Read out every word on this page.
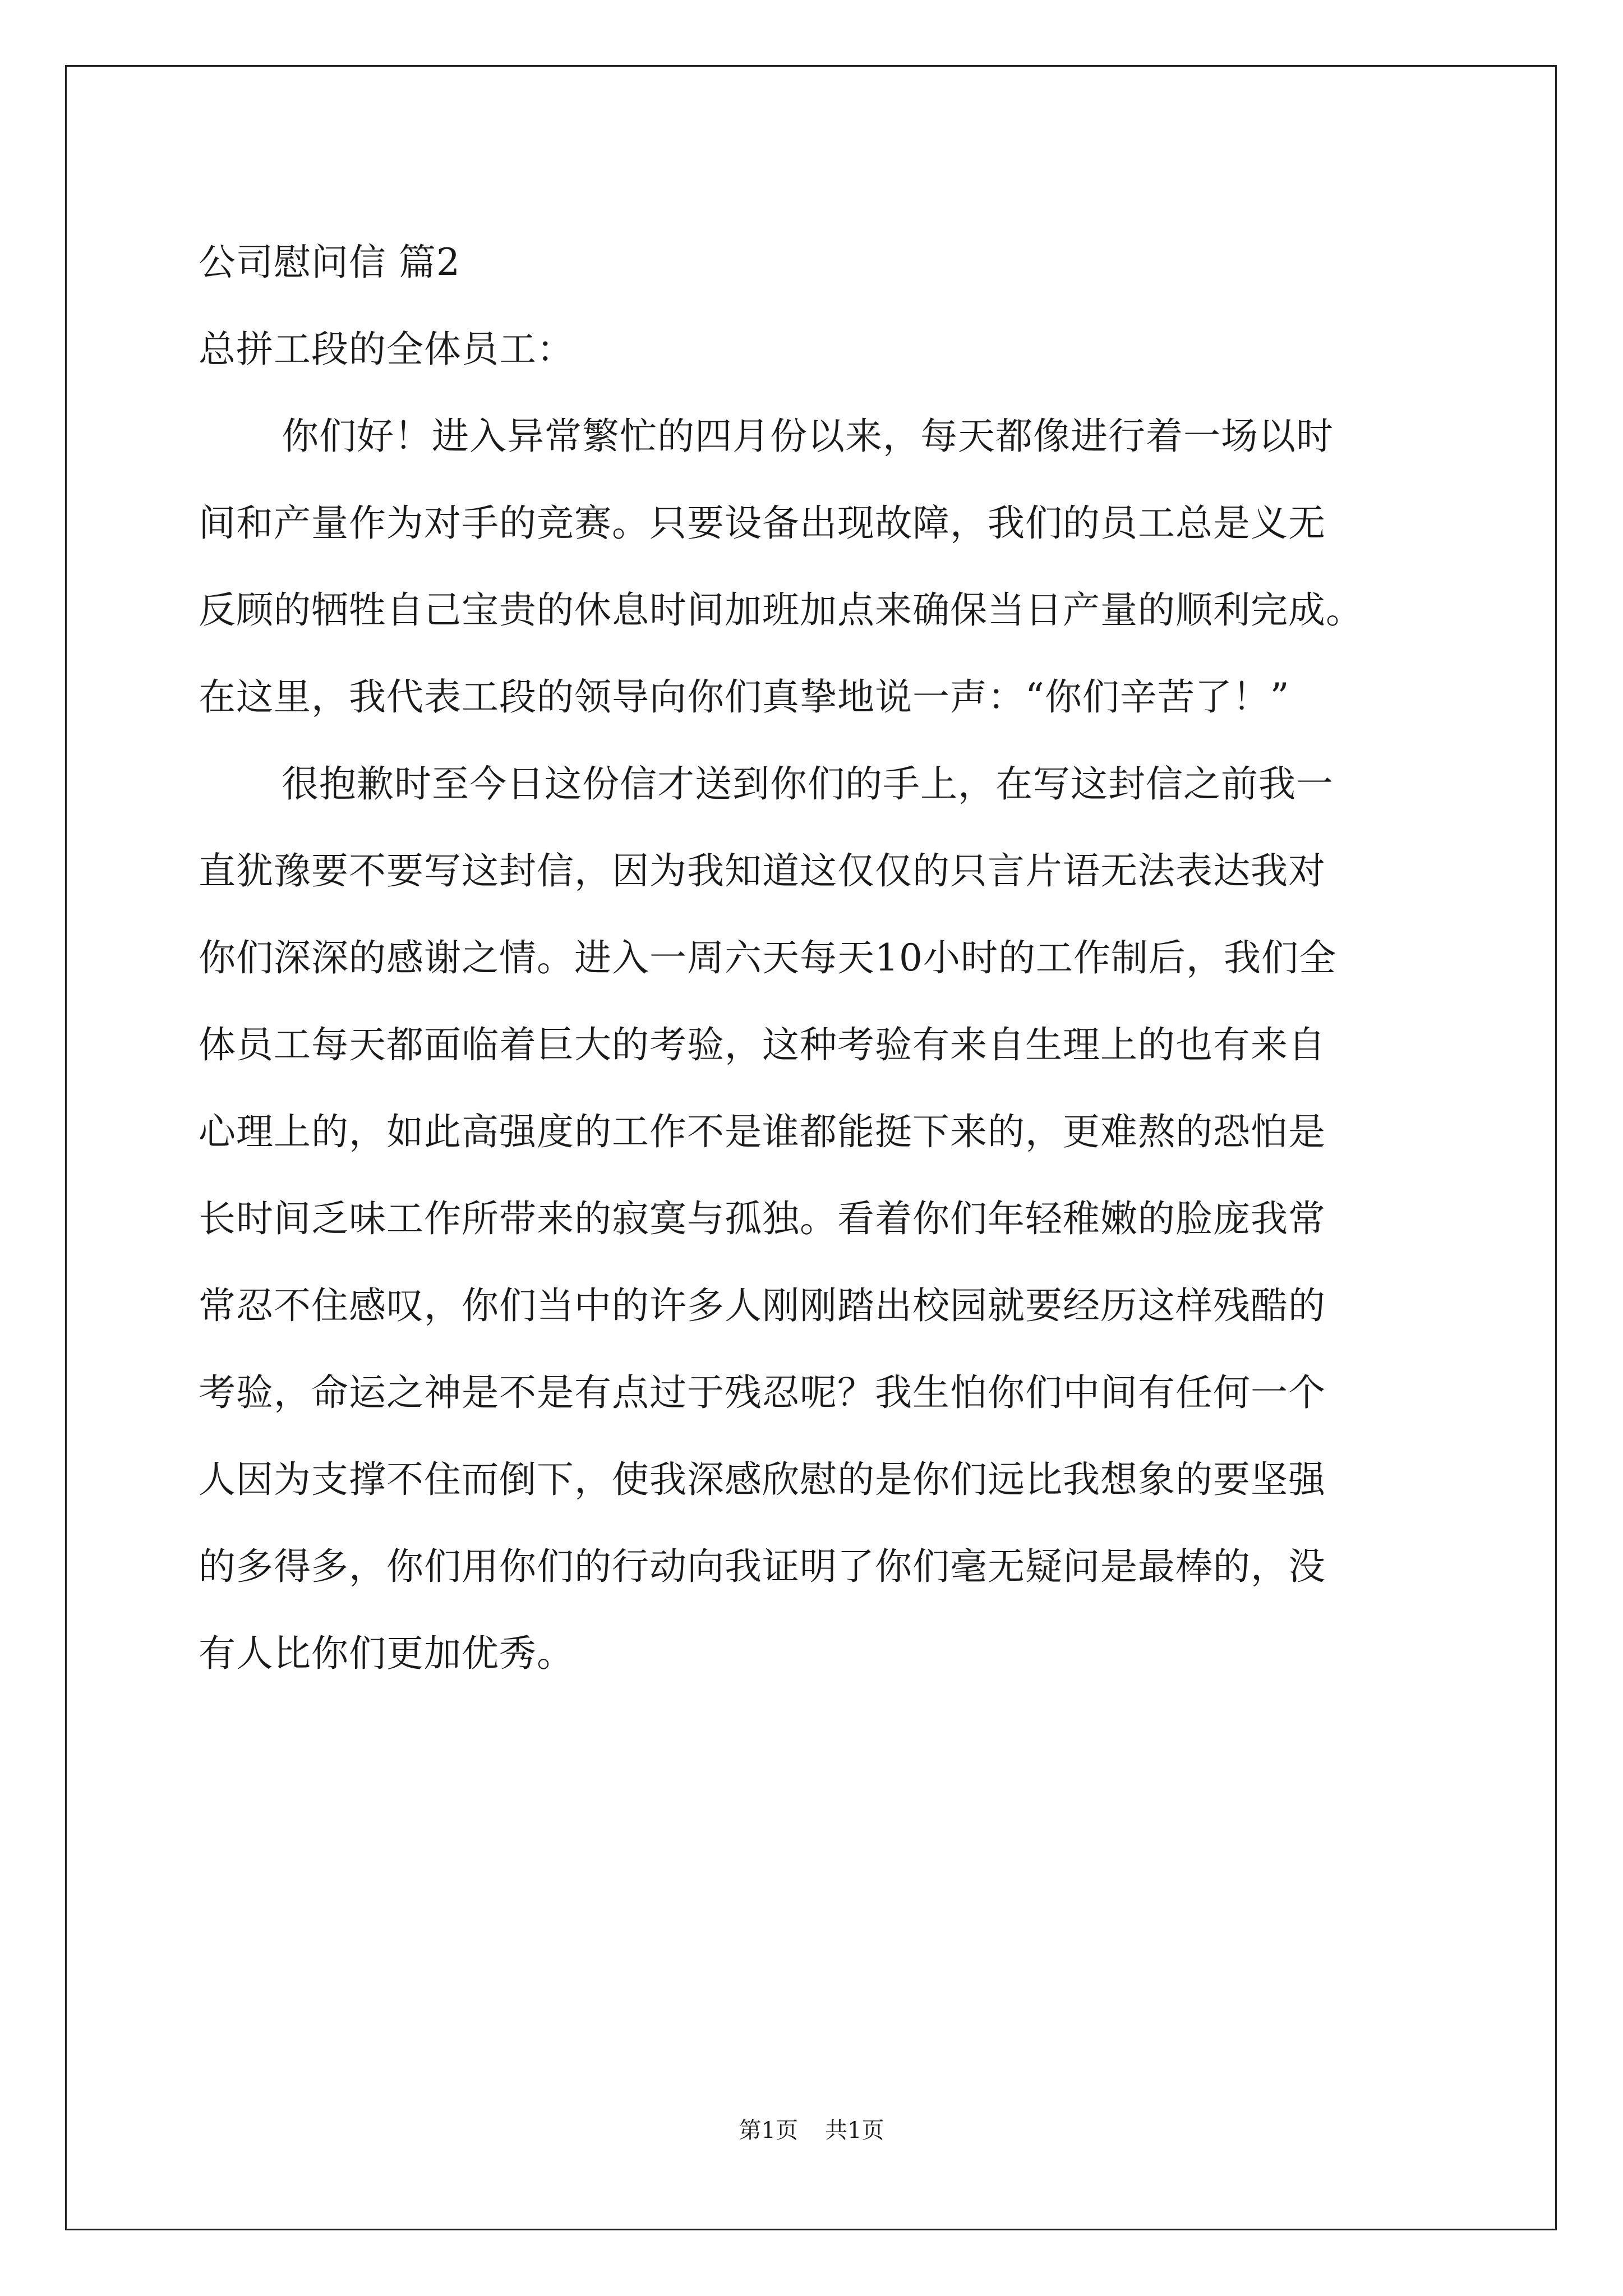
公司慰问信 篇2
总拼工段的全体员工：
你们好！进入异常繁忙的四月份以来，每天都像进行着一场以时
间和产量作为对手的竞赛。只要设备出现故障，我们的员工总是义无
反顾的牺牲自己宝贵的休息时间加班加点来确保当日产量的顺利完成。
在这里，我代表工段的领导向你们真挚地说一声：“你们辛苦了！”
很抱歉时至今日这份信才送到你们的手上，在写这封信之前我一
直犹豫要不要写这封信，因为我知道这仅仅的只言片语无法表达我对
你们深深的感谢之情。进入一周六天每天10小时的工作制后，我们全
体员工每天都面临着巨大的考验，这种考验有来自生理上的也有来自
心理上的，如此高强度的工作不是谁都能挺下来的，更难熬的恐怕是
长时间乏味工作所带来的寂寞与孤独。看着你们年轻稚嫩的脸庞我常
常忍不住感叹，你们当中的许多人刚刚踏出校园就要经历这样残酷的
考验，命运之神是不是有点过于残忍呢？我生怕你们中间有任何一个
人因为支撑不住而倒下，使我深感欣慰的是你们远比我想象的要坚强
的多得多，你们用你们的行动向我证明了你们毫无疑问是最棒的，没
有人比你们更加优秀。
第1页 共1页
